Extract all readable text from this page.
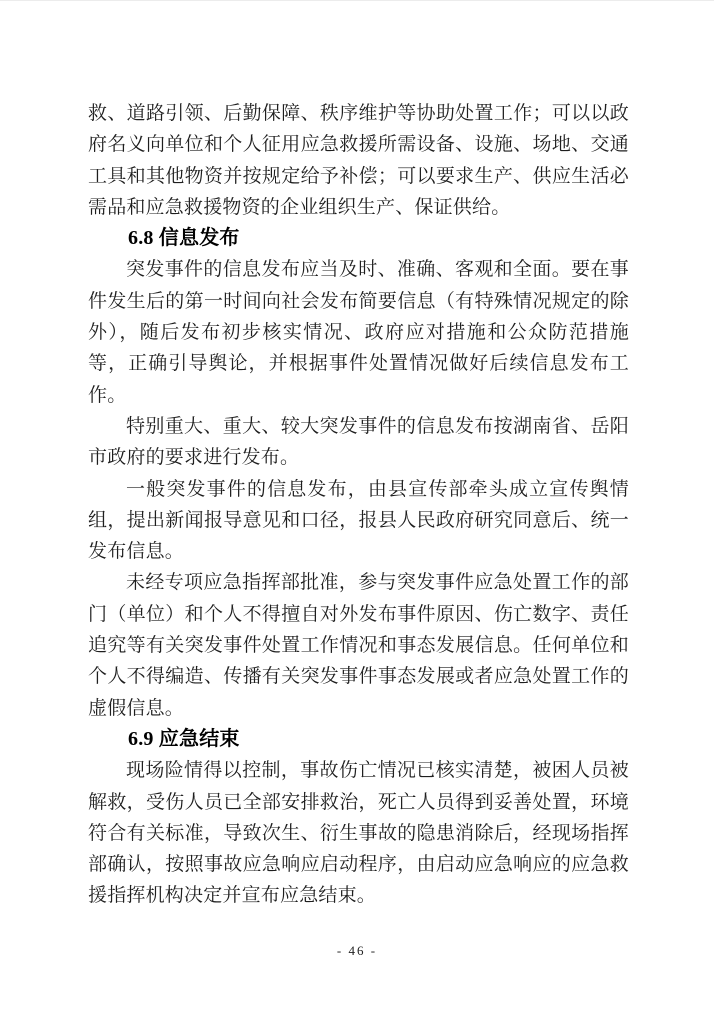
救、道路引领、后勤保障、秩序维护等协助处置工作；可以以政府名义向单位和个人征用应急救援所需设备、设施、场地、交通工具和其他物资并按规定给予补偿；可以要求生产、供应生活必需品和应急救援物资的企业组织生产、保证供给。

6.8 信息发布

突发事件的信息发布应当及时、准确、客观和全面。要在事件发生后的第一时间向社会发布简要信息（有特殊情况规定的除外），随后发布初步核实情况、政府应对措施和公众防范措施等，正确引导舆论，并根据事件处置情况做好后续信息发布工作。

特别重大、重大、较大突发事件的信息发布按湖南省、岳阳市政府的要求进行发布。

一般突发事件的信息发布，由县宣传部牵头成立宣传舆情组，提出新闻报导意见和口径，报县人民政府研究同意后、统一发布信息。

未经专项应急指挥部批准，参与突发事件应急处置工作的部门（单位）和个人不得擅自对外发布事件原因、伤亡数字、责任追究等有关突发事件处置工作情况和事态发展信息。任何单位和个人不得编造、传播有关突发事件事态发展或者应急处置工作的虚假信息。

6.9 应急结束

现场险情得以控制，事故伤亡情况已核实清楚，被困人员被解救，受伤人员已全部安排救治，死亡人员得到妥善处置，环境符合有关标准，导致次生、衍生事故的隐患消除后，经现场指挥部确认，按照事故应急响应启动程序，由启动应急响应的应急救援指挥机构决定并宣布应急结束。

- 46 -
